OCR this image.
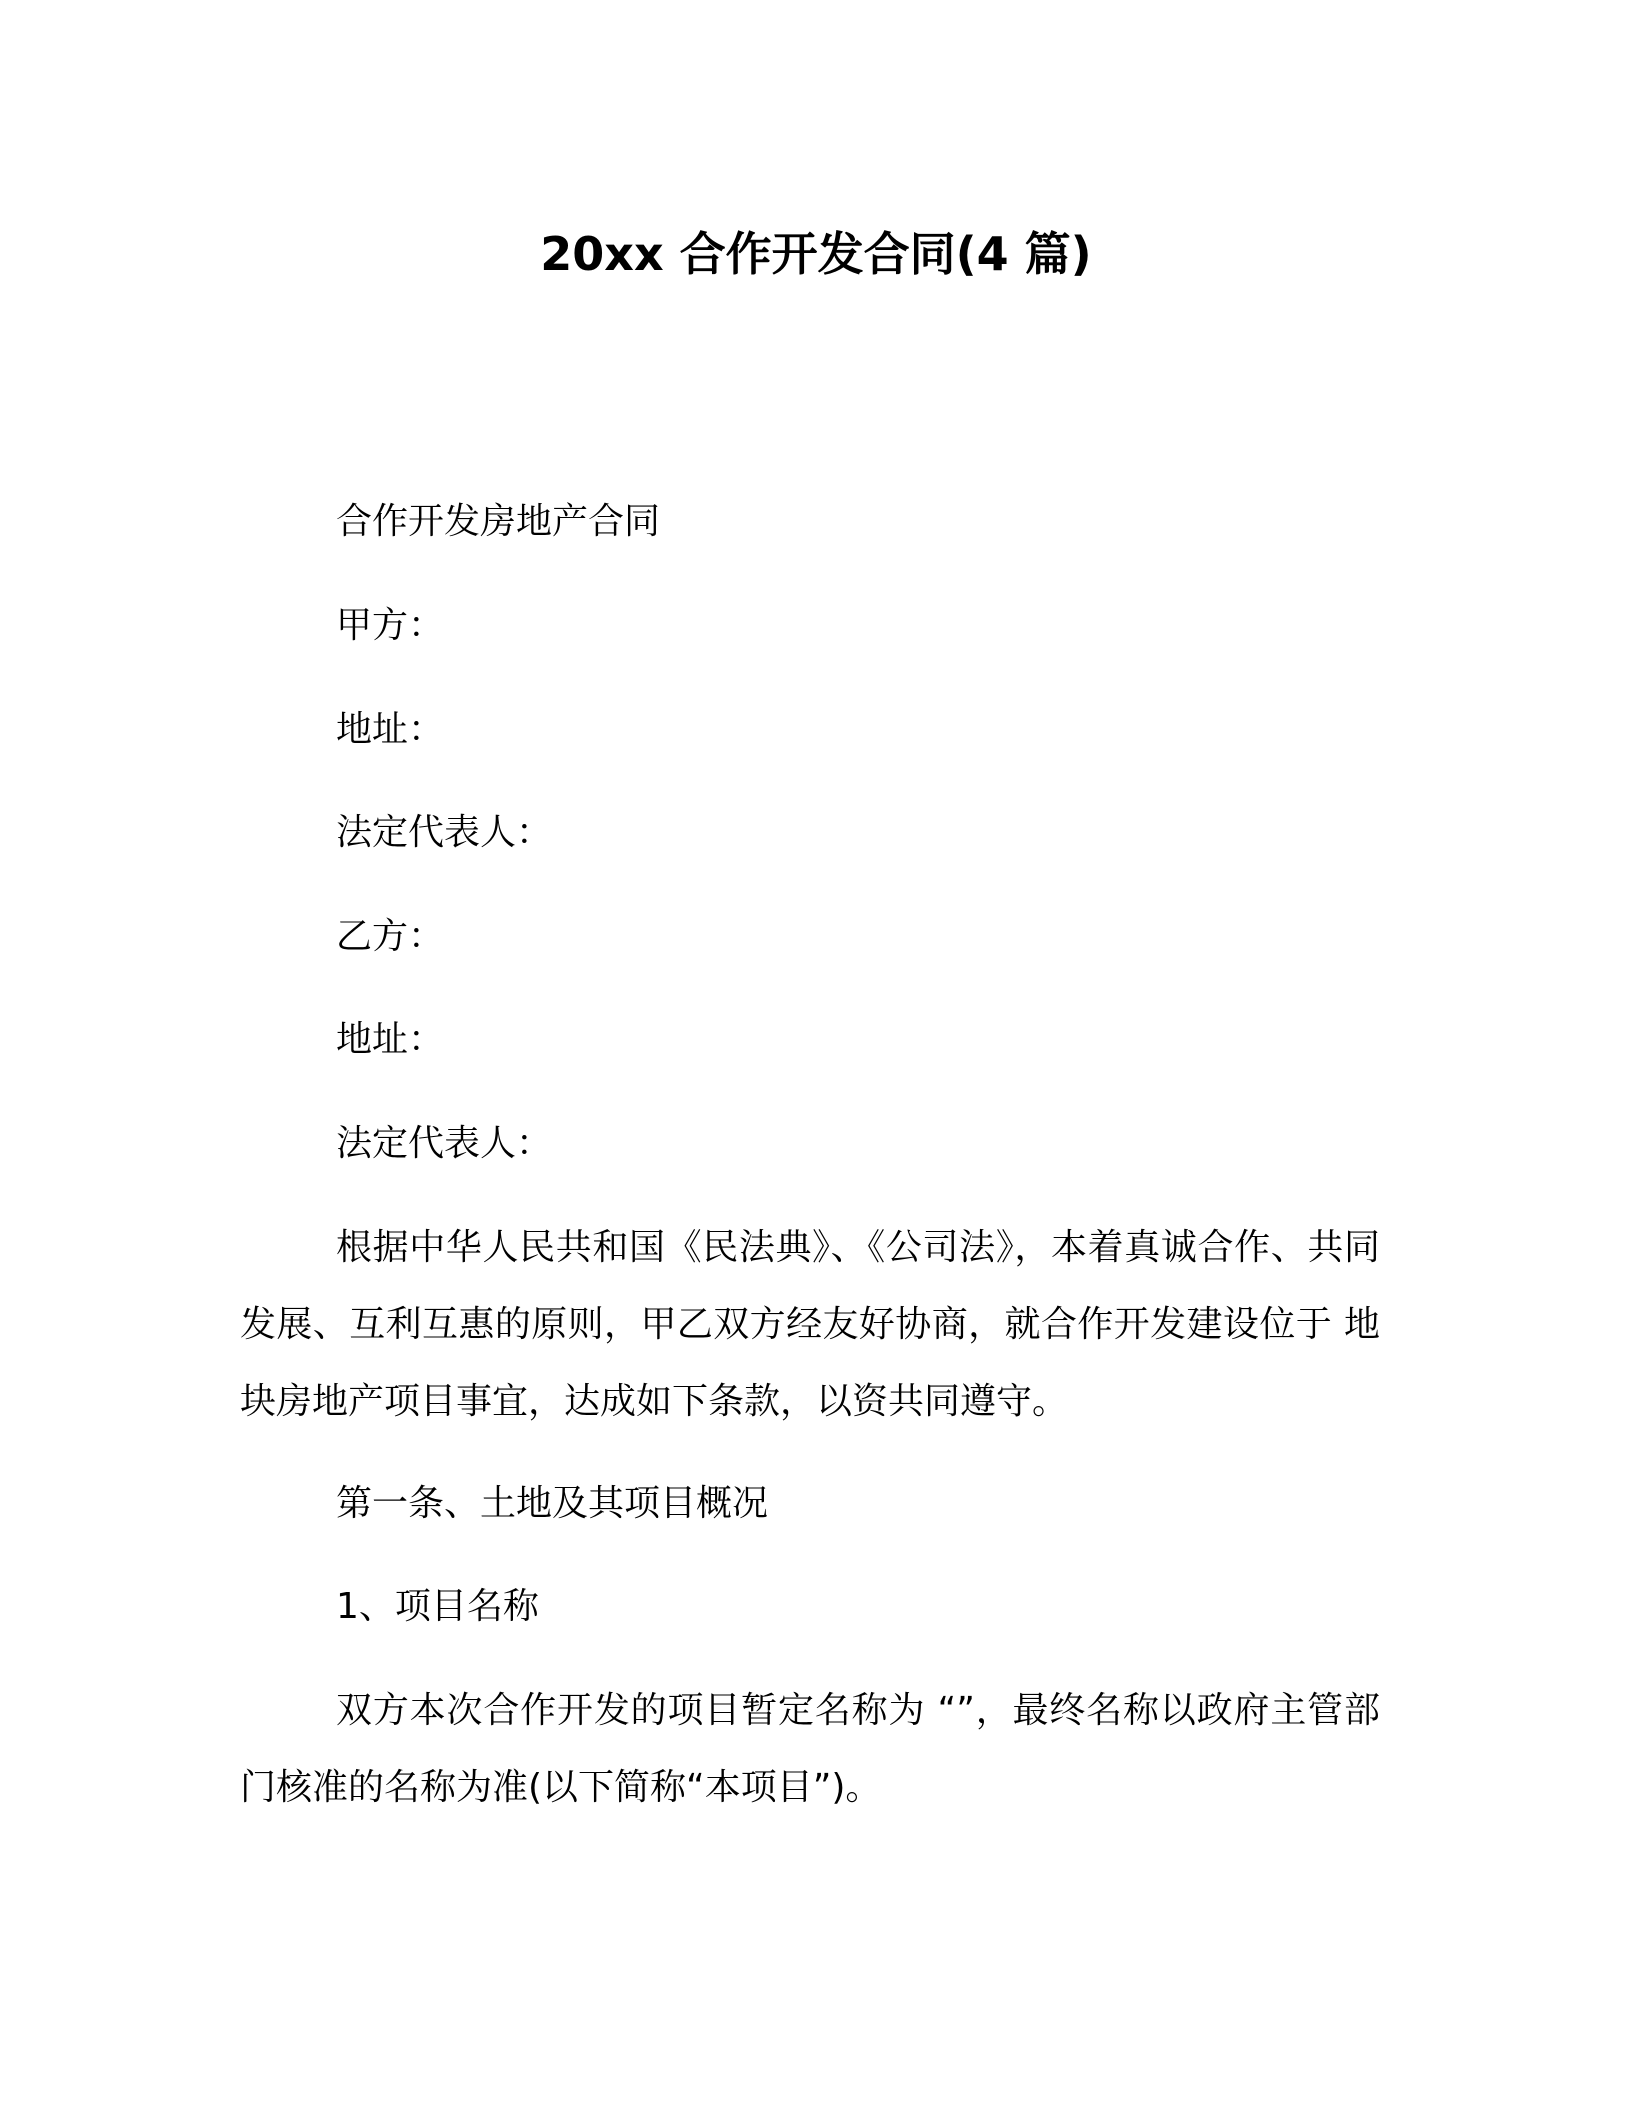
20xx 合作开发合同(4 篇)
合作开发房地产合同
甲方：
地址：
法定代表人：
乙方：
地址：
法定代表人：

根据中华人民共和国《民法典》、《公司法》，本着真诚合作、共同发展、互利互惠的原则，甲乙双方经友好协商，就合作开发建设位于 地块房地产项目事宜，达成如下条款，以资共同遵守。

第一条、土地及其项目概况
1、项目名称

双方本次合作开发的项目暂定名称为 “”，最终名称以政府主管部门核准的名称为准(以下简称“本项目”)。
